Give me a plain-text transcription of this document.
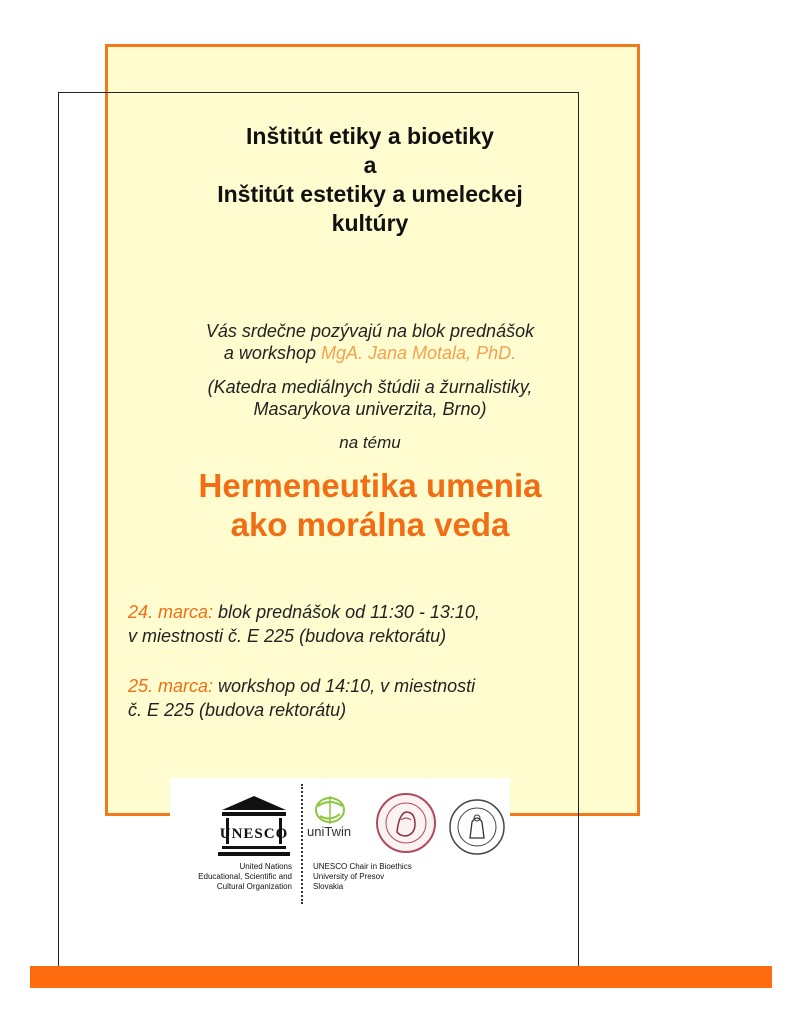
Inštitút etiky a bioetiky
a
Inštitút estetiky a umeleckej
kultúry
Vás srdečne pozývajú na blok prednášok
a workshop MgA. Jana Motala, PhD.
(Katedra mediálnych štúdii a žurnalistiky,
Masarykova univerzita, Brno)
na tému
Hermeneutika umenia
ako morálna veda
24. marca: blok prednášok od 11:30 - 13:10,
v miestnosti č. E 225 (budova rektorátu)
25. marca: workshop od 14:10, v miestnosti
č. E 225 (budova rektorátu)
UNESCO
United Nations
Educational, Scientific and
Cultural Organization
uniTwin
UNESCO Chair in Bioethics
University of Presov
Slovakia
